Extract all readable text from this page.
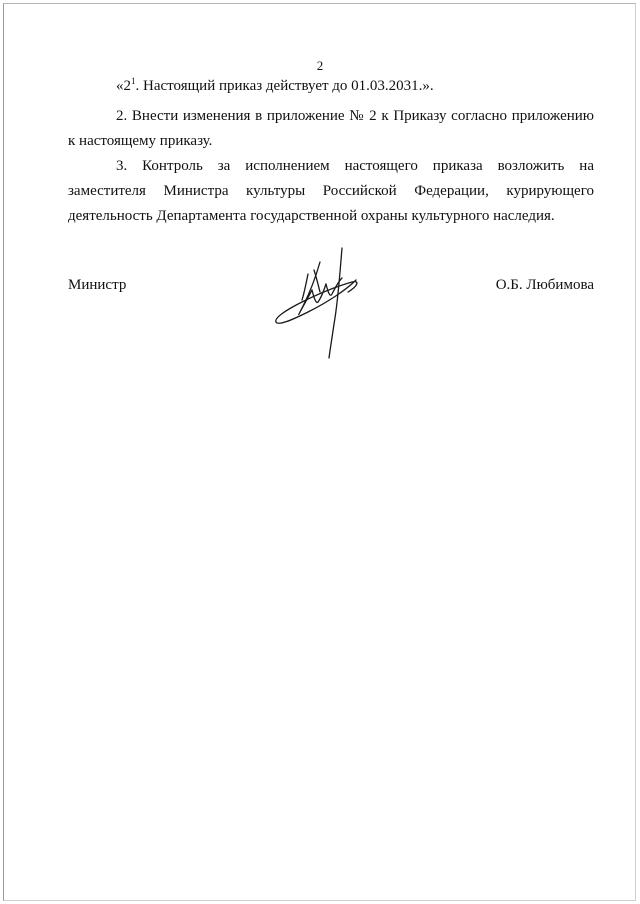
2

«$2^1$. Настоящий приказ действует до 01.03.2031.».

2. Внести изменения в приложение № 2 к Приказу согласно приложению к настоящему приказу.

3. Контроль за исполнением настоящего приказа возложить на заместителя Министра культуры Российской Федерации, курирующего деятельность Департамента государственной охраны культурного наследия.

Министр	О.Б. Любимова
